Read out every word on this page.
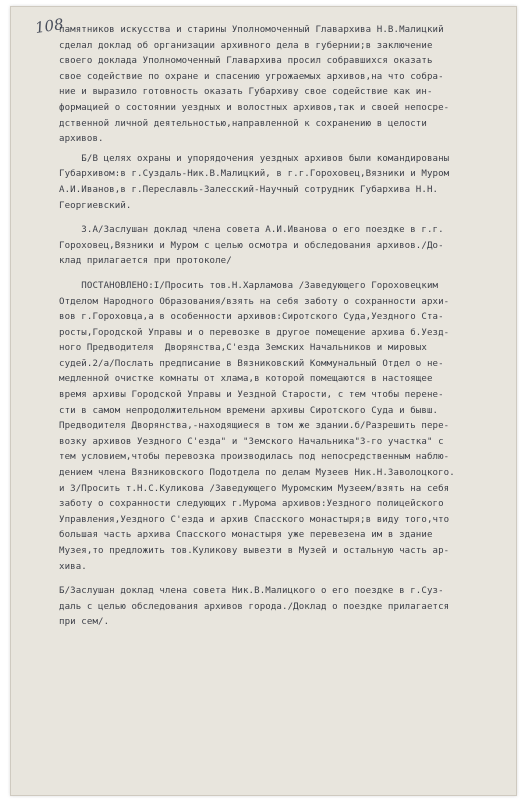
108
памятников искусства и старины Уполномоченный Главархива Н.В.Малицкий
сделал доклад об организации архивного дела в губернии;в заключение
своего доклада Уполномоченный Главархива просил собравшихся оказать
свое содействие по охране и спасению угрожаемых архивов,на что собра-
ние и выразило готовность оказать Губархиву свое содействие как ин-
формацией о состоянии уездных и волостных архивов,так и своей непосре-
дственной личной деятельностью,направленной к сохранению в целости
архивов.
Б/В целях охраны и упорядочения уездных архивов были командированы
Губархивом:в г.Суздаль-Ник.В.Малицкий, в г.г.Гороховец,Вязники и Муром
А.И.Иванов,в г.Переславль-Залесский-Научный сотрудник Губархива Н.Н.
Георгиевский.
3.А/Заслушан доклад члена совета А.И.Иванова о его поездке в г.г.
Гороховец,Вязники и Муром с целью осмотра и обследования архивов./До-
клад прилагается при протоколе/
ПОСТАНОВЛЕНО:I/Просить тов.Н.Харламова /Заведующего Гороховецким
Отделом Народного Образования/взять на себя заботу о сохранности архи-
вов г.Гороховца,а в особенности архивов:Сиротского Суда,Уездного Ста-
росты,Городской Управы и о перевозке в другое помещение архива б.Уезд-
ного Предводителя  Дворянства,С'езда Земских Начальников и мировых
судей.2/а/Послать предписание в Вязниковский Коммунальный Отдел о не-
медленной очистке комнаты от хлама,в которой помещаются в настоящее
время архивы Городской Управы и Уездной Старости, с тем чтобы перене-
сти в самом непродолжительном времени архивы Сиротского Суда и бывш.
Предводителя Дворянства,-находящиеся в том же здании.б/Разрешить пере-
возку архивов Уездного С'езда" и "Земского Начальника"3-го участка" с
тем условием,чтобы перевозка производилась под непосредственным наблю-
дением члена Вязниковского Подотдела по делам Музеев Ник.Н.Заволоцкого.
и 3/Просить т.Н.С.Куликова /Заведующего Муромским Музеем/взять на себя
заботу о сохранности следующих г.Мурома архивов:Уездного полицейского
Управления,Уездного С'езда и архив Спасского монастыря;в виду того,что
большая часть архива Спасского монастыря уже перевезена им в здание
Музея,то предложить тов.Куликову вывезти в Музей и остальную часть ар-
хива.
Б/Заслушан доклад члена совета Ник.В.Малицкого о его поездке в г.Суз-
даль с целью обследования архивов города./Доклад о поездке прилагается
при сем/.
